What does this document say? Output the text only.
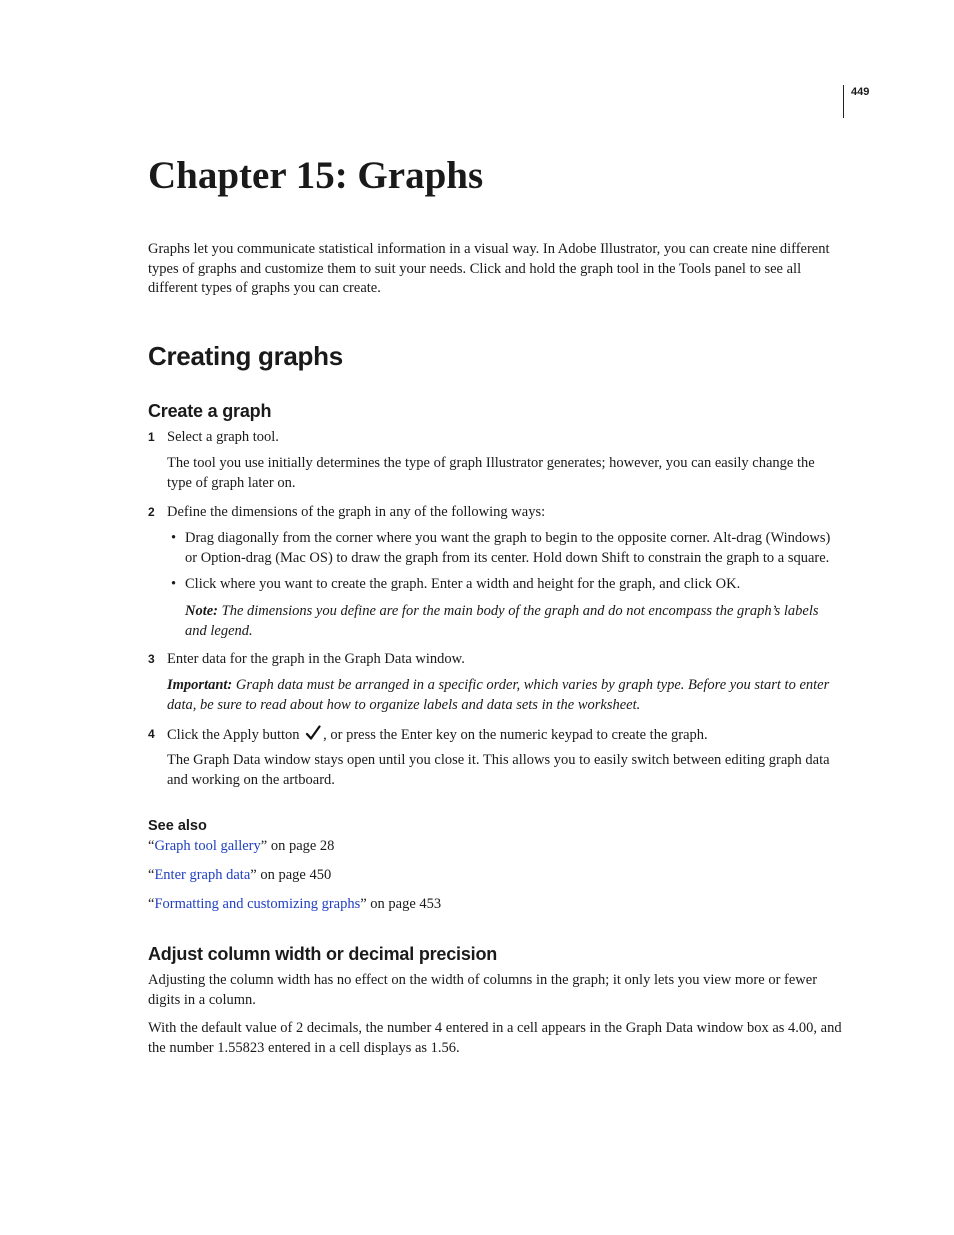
449
Chapter 15: Graphs

Graphs let you communicate statistical information in a visual way. In Adobe Illustrator, you can create nine different types of graphs and customize them to suit your needs. Click and hold the graph tool in the Tools panel to see all different types of graphs you can create.

Creating graphs
Create a graph
1 Select a graph tool.

The tool you use initially determines the type of graph Illustrator generates; however, you can easily change the type of graph later on.

2 Define the dimensions of the graph in any of the following ways:

• Drag diagonally from the corner where you want the graph to begin to the opposite corner. Alt-drag (Windows) or Option-drag (Mac OS) to draw the graph from its center. Hold down Shift to constrain the graph to a square.

• Click where you want to create the graph. Enter a width and height for the graph, and click OK.

Note: The dimensions you define are for the main body of the graph and do not encompass the graph’s labels and legend.

3 Enter data for the graph in the Graph Data window.

Important: Graph data must be arranged in a specific order, which varies by graph type. Before you start to enter data, be sure to read about how to organize labels and data sets in the worksheet.

4 Click the Apply button , or press the Enter key on the numeric keypad to create the graph.

The Graph Data window stays open until you close it. This allows you to easily switch between editing graph data and working on the artboard.

See also

“Graph tool gallery” on page 28

“Enter graph data” on page 450

“Formatting and customizing graphs” on page 453

Adjust column width or decimal precision

Adjusting the column width has no effect on the width of columns in the graph; it only lets you view more or fewer digits in a column.

With the default value of 2 decimals, the number 4 entered in a cell appears in the Graph Data window box as 4.00, and the number 1.55823 entered in a cell displays as 1.56.
